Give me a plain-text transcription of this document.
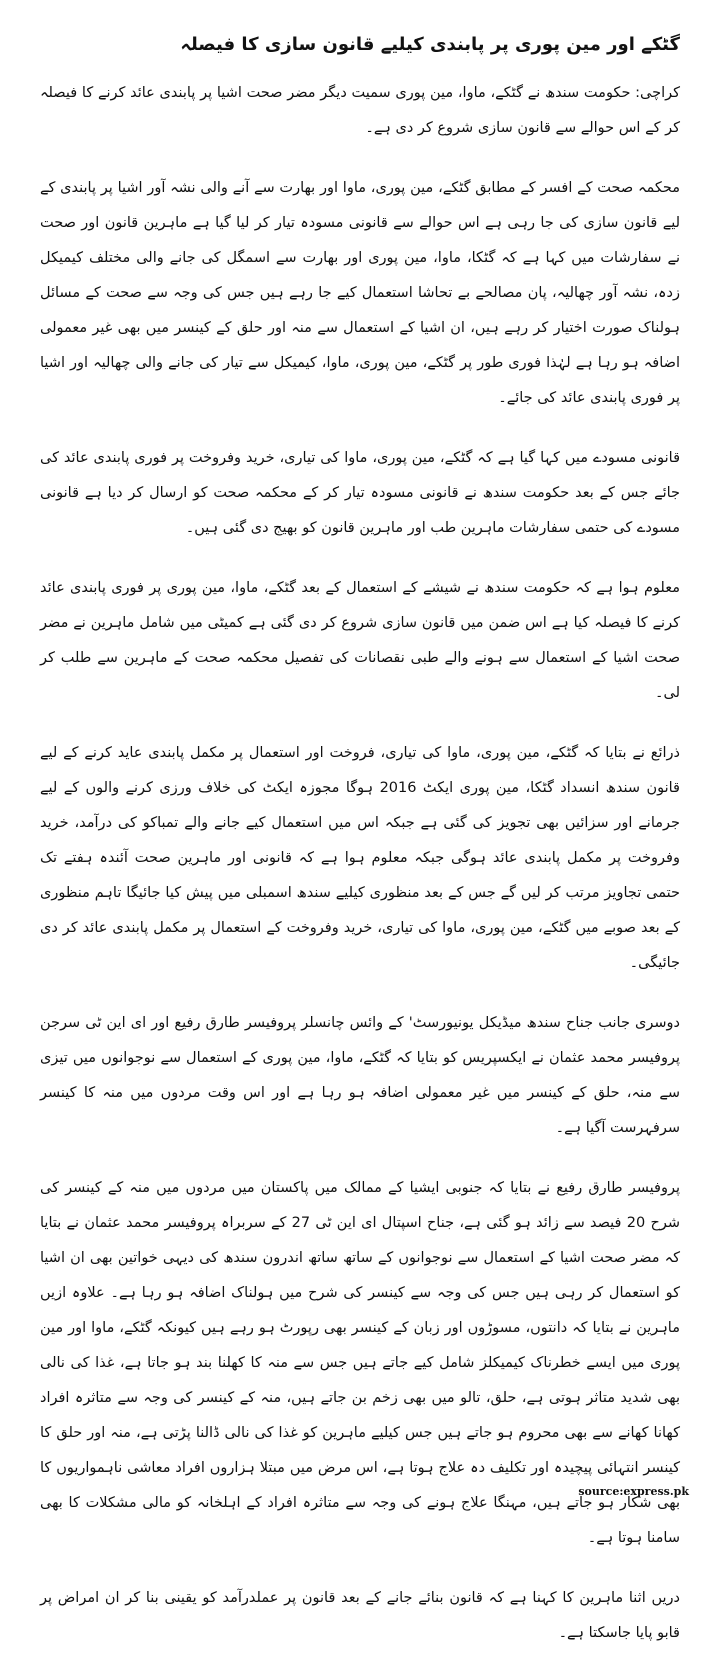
گٹکے اور مین پوری پر پابندی کیلیے قانون سازی کا فیصلہ

کراچی: حکومت سندھ نے گٹکے، ماوا، مین پوری سمیت دیگر مضر صحت اشیا پر پابندی عائد کرنے کا فیصلہ کر کے اس حوالے سے قانون سازی شروع کر دی ہے۔

محکمہ صحت کے افسر کے مطابق گٹکے، مین پوری، ماوا اور بھارت سے آنے والی نشہ آور اشیا پر پابندی کے لیے قانون سازی کی جا رہی ہے اس حوالے سے قانونی مسودہ تیار کر لیا گیا ہے ماہرین قانون اور صحت نے سفارشات میں کہا ہے کہ گٹکا، ماوا، مین پوری اور بھارت سے اسمگل کی جانے والی مختلف کیمیکل زدہ، نشہ آور چھالیہ، پان مصالحے بے تحاشا استعمال کیے جا رہے ہیں جس کی وجہ سے صحت کے مسائل ہولناک صورت اختیار کر رہے ہیں، ان اشیا کے استعمال سے منہ اور حلق کے کینسر میں بھی غیر معمولی اضافہ ہو رہا ہے لہٰذا فوری طور پر گٹکے، مین پوری، ماوا، کیمیکل سے تیار کی جانے والی چھالیہ اور اشیا پر فوری پابندی عائد کی جائے۔

قانونی مسودے میں کہا گیا ہے کہ گٹکے، مین پوری، ماوا کی تیاری، خرید وفروخت پر فوری پابندی عائد کی جائے جس کے بعد حکومت سندھ نے قانونی مسودہ تیار کر کے محکمہ صحت کو ارسال کر دیا ہے قانونی مسودے کی حتمی سفارشات ماہرین طب اور ماہرین قانون کو بھیج دی گئی ہیں۔

معلوم ہوا ہے کہ حکومت سندھ نے شیشے کے استعمال کے بعد گٹکے، ماوا، مین پوری پر فوری پابندی عائد کرنے کا فیصلہ کیا ہے اس ضمن میں قانون سازی شروع کر دی گئی ہے کمیٹی میں شامل ماہرین نے مضر صحت اشیا کے استعمال سے ہونے والے طبی نقصانات کی تفصیل محکمہ صحت کے ماہرین سے طلب کر لی۔

ذرائع نے بتایا کہ گٹکے، مین پوری، ماوا کی تیاری، فروخت اور استعمال پر مکمل پابندی عاید کرنے کے لیے قانون سندھ انسداد گٹکا، مین پوری ایکٹ 2016 ہوگا مجوزہ ایکٹ کی خلاف ورزی کرنے والوں کے لیے جرمانے اور سزائیں بھی تجویز کی گئی ہے جبکہ اس میں استعمال کیے جانے والے تمباکو کی درآمد، خرید وفروخت پر مکمل پابندی عائد ہوگی جبکہ معلوم ہوا ہے کہ قانونی اور ماہرین صحت آئندہ ہفتے تک حتمی تجاویز مرتب کر لیں گے جس کے بعد منظوری کیلیے سندھ اسمبلی میں پیش کیا جائیگا تاہم منظوری کے بعد صوبے میں گٹکے، مین پوری، ماوا کی تیاری، خرید وفروخت کے استعمال پر مکمل پابندی عائد کر دی جائیگی۔

دوسری جانب جناح سندھ میڈیکل یونیورسٹ' کے وائس چانسلر پروفیسر طارق رفیع اور ای این ٹی سرجن پروفیسر محمد عثمان نے ایکسپریس کو بتایا کہ گٹکے، ماوا، مین پوری کے استعمال سے نوجوانوں میں تیزی سے منہ، حلق کے کینسر میں غیر معمولی اضافہ ہو رہا ہے اور اس وقت مردوں میں منہ کا کینسر سرفہرست آگیا ہے۔

پروفیسر طارق رفیع نے بتایا کہ جنوبی ایشیا کے ممالک میں پاکستان میں مردوں میں منہ کے کینسر کی شرح 20 فیصد سے زائد ہو گئی ہے، جناح اسپتال ای این ٹی 27 کے سربراہ پروفیسر محمد عثمان نے بتایا کہ مضر صحت اشیا کے استعمال سے نوجوانوں کے ساتھ ساتھ اندرون سندھ کی دیہی خواتین بھی ان اشیا کو استعمال کر رہی ہیں جس کی وجہ سے کینسر کی شرح میں ہولناک اضافہ ہو رہا ہے۔ علاوہ ازیں ماہرین نے بتایا کہ دانتوں، مسوڑوں اور زبان کے کینسر بھی رپورٹ ہو رہے ہیں کیونکہ گٹکے، ماوا اور مین پوری میں ایسے خطرناک کیمیکلز شامل کیے جاتے ہیں جس سے منہ کا کھلنا بند ہو جاتا ہے، غذا کی نالی بھی شدید متاثر ہوتی ہے، حلق، تالو میں بھی زخم بن جاتے ہیں، منہ کے کینسر کی وجہ سے متاثرہ افراد کھانا کھانے سے بھی محروم ہو جاتے ہیں جس کیلیے ماہرین کو غذا کی نالی ڈالنا پڑتی ہے، منہ اور حلق کا کینسر انتہائی پیچیدہ اور تکلیف دہ علاج ہوتا ہے، اس مرض میں مبتلا ہزاروں افراد معاشی ناہمواریوں کا بھی شکار ہو جاتے ہیں، مہنگا علاج ہونے کی وجہ سے متاثرہ افراد کے اہلخانہ کو مالی مشکلات کا بھی سامنا ہوتا ہے۔

دریں اثنا ماہرین کا کہنا ہے کہ قانون بنائے جانے کے بعد قانون پر عملدرآمد کو یقینی بنا کر ان امراض پر قابو پایا جاسکتا ہے۔

source:express.pk
